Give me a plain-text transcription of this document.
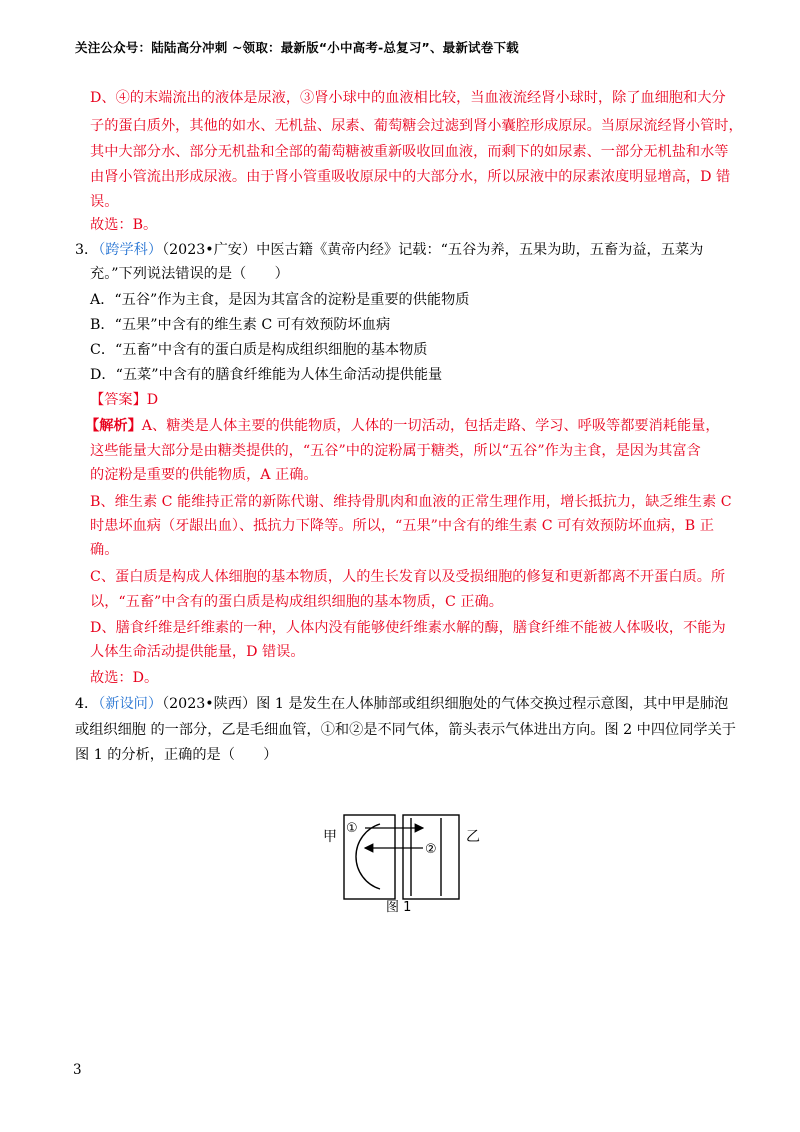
关注公众号：陆陆高分冲刺 ~领取：最新版“小中高考-总复习”、最新试卷下载
D、④的末端流出的液体是尿液，③肾小球中的血液相比较，当血液流经肾小球时，除了血细胞和大分
子的蛋白质外，其他的如水、无机盐、尿素、葡萄糖会过滤到肾小囊腔形成原尿。当原尿流经肾小管时，
其中大部分水、部分无机盐和全部的葡萄糖被重新吸收回血液，而剩下的如尿素、一部分无机盐和水等
由肾小管流出形成尿液。由于肾小管重吸收原尿中的大部分水，所以尿液中的尿素浓度明显增高，D 错
误。
故选：B。
3．（跨学科）（2023•广安）中医古籍《黄帝内经》记载：“五谷为养，五果为助，五畜为益，五菜为
充。”下列说法错误的是（　　）
A．“五谷”作为主食，是因为其富含的淀粉是重要的供能物质
B．“五果”中含有的维生素 C 可有效预防坏血病
C．“五畜”中含有的蛋白质是构成组织细胞的基本物质
D．“五菜”中含有的膳食纤维能为人体生命活动提供能量
【答案】D
【解析】A、糖类是人体主要的供能物质，人体的一切活动，包括走路、学习、呼吸等都要消耗能量，
这些能量大部分是由糖类提供的，“五谷”中的淀粉属于糖类，所以“五谷”作为主食，是因为其富含
的淀粉是重要的供能物质，A 正确。
B、维生素 C 能维持正常的新陈代谢、维持骨肌肉和血液的正常生理作用，增长抵抗力，缺乏维生素 C
时患坏血病（牙龈出血）、抵抗力下降等。所以，“五果”中含有的维生素 C 可有效预防坏血病，B 正
确。
C、蛋白质是构成人体细胞的基本物质，人的生长发育以及受损细胞的修复和更新都离不开蛋白质。所
以，“五畜”中含有的蛋白质是构成组织细胞的基本物质，C 正确。
D、膳食纤维是纤维素的一种，人体内没有能够使纤维素水解的酶，膳食纤维不能被人体吸收，不能为
人体生命活动提供能量，D 错误。
故选：D。
4．（新设问）（2023•陕西）图 1 是发生在人体肺部或组织细胞处的气体交换过程示意图，其中甲是肺泡
或组织细胞 的一部分，乙是毛细血管，①和②是不同气体，箭头表示气体进出方向。图 2 中四位同学关于
图 1 的分析，正确的是（　　）
①
②
甲	乙
图 1
3
